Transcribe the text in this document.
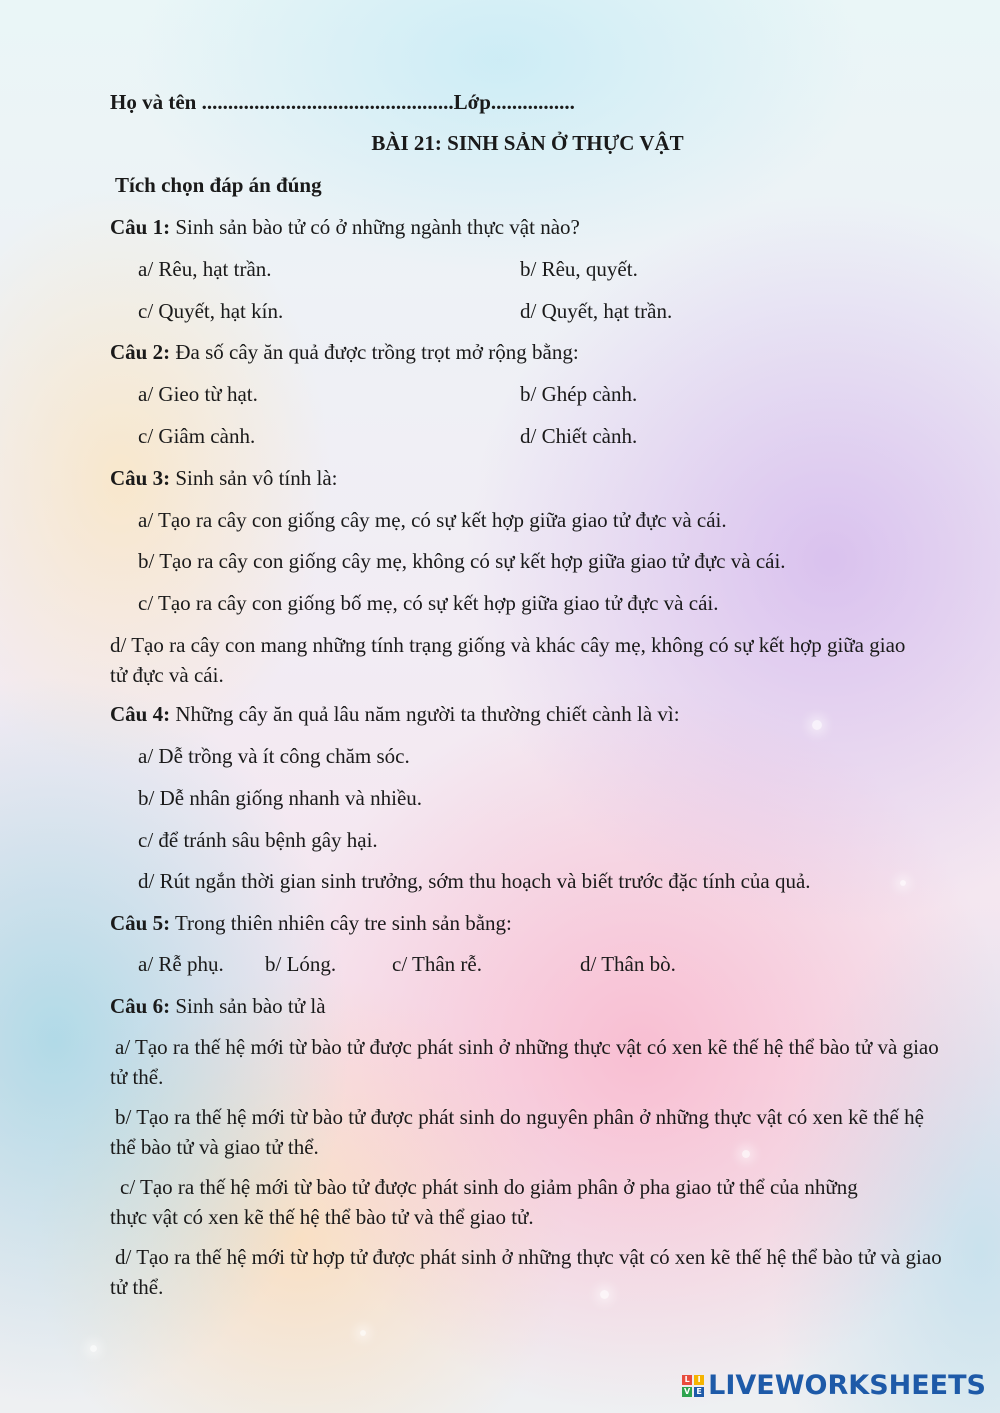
Họ và tên ................................................Lớp................
BÀI 21: SINH SẢN Ở THỰC VẬT
Tích chọn đáp án đúng
Câu 1: Sinh sản bào tử có ở những ngành thực vật nào?
a/ Rêu, hạt trần.	b/ Rêu, quyết.
c/ Quyết, hạt kín.	d/ Quyết, hạt trần.
Câu 2: Đa số cây ăn quả được trồng trọt mở rộng bằng:
a/ Gieo từ hạt.	b/ Ghép cành.
c/ Giâm cành.	d/ Chiết cành.
Câu 3: Sinh sản vô tính là:
a/ Tạo ra cây con giống cây mẹ, có sự kết hợp giữa giao tử đực và cái.
b/ Tạo ra cây con giống cây mẹ, không có sự kết hợp giữa giao tử đực và cái.
c/ Tạo ra cây con giống bố mẹ, có sự kết hợp giữa giao tử đực và cái.
d/ Tạo ra cây con mang những tính trạng giống và khác cây mẹ, không có sự kết hợp giữa giao tử đực và cái.
Câu 4: Những cây ăn quả lâu năm người ta thường chiết cành là vì:
a/ Dễ trồng và ít công chăm sóc.
b/ Dễ nhân giống nhanh và nhiều.
c/ để tránh sâu bệnh gây hại.
d/ Rút ngắn thời gian sinh trưởng, sớm thu hoạch và biết trước đặc tính của quả.
Câu 5: Trong thiên nhiên cây tre sinh sản bằng:
a/ Rễ phụ. b/ Lóng.	c/ Thân rễ.	d/ Thân bò.
Câu 6: Sinh sản bào tử là
a/ Tạo ra thế hệ mới từ bào tử được phát sinh ở những thực vật có xen kẽ thế hệ thể bào tử và giao tử thể.
b/ Tạo ra thế hệ mới từ bào tử được phát sinh do nguyên phân ở những thực vật có xen kẽ thế hệ thể bào tử và giao tử thể.
c/ Tạo ra thế hệ mới từ bào tử được phát sinh do giảm phân ở pha giao tử thể của những thực vật có xen kẽ thế hệ thể bào tử và thể giao tử.
d/ Tạo ra thế hệ mới từ hợp tử được phát sinh ở những thực vật có xen kẽ thế hệ thể bào tử và giao tử thể.
L I
V E LIVEWORKSHEETS
